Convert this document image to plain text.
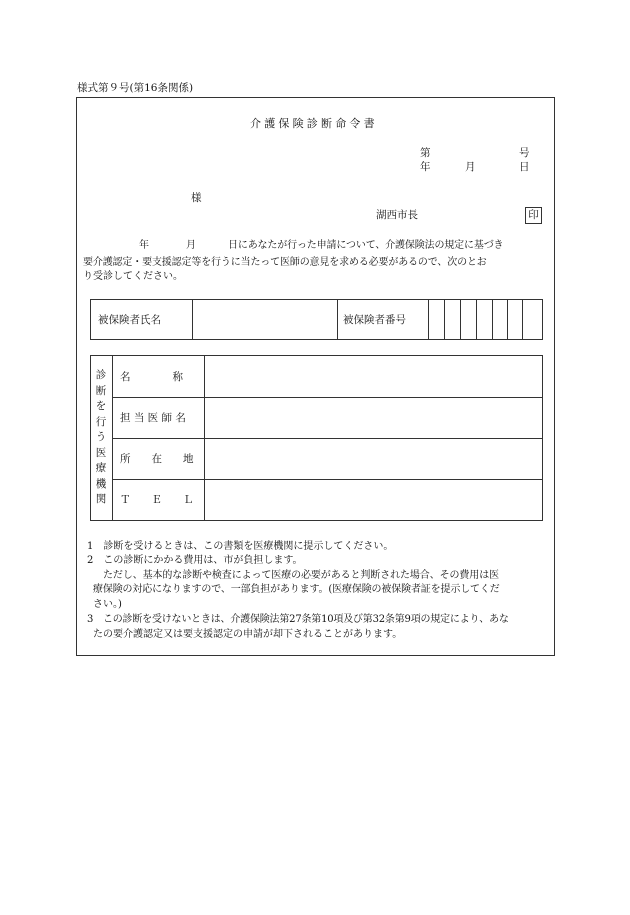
様式第９号(第16条関係)
介護保険診断命令書
第	号
年	月	日
様
湖西市長	印
年	月	日にあなたが行った申請について、介護保険法の規定に基づき
要介護認定・要支援認定等を行うに当たって医師の意見を求める必要があるので、次のとお
り受診してください。
被保険者氏名	被保険者番号
診
断
を
行
う
医
療
機
関
名　　　　称
担 当 医 師 名
所　　在　　地
Ｔ　　Ｅ　　Ｌ
1　診断を受けるときは、この書類を医療機関に提示してください。
2　この診断にかかる費用は、市が負担します。
ただし、基本的な診断や検査によって医療の必要があると判断された場合、その費用は医
療保険の対応になりますので、一部負担があります。(医療保険の被保険者証を提示してくだ
さい。)
3　この診断を受けないときは、介護保険法第27条第10項及び第32条第9項の規定により、あな
たの要介護認定又は要支援認定の申請が却下されることがあります。
